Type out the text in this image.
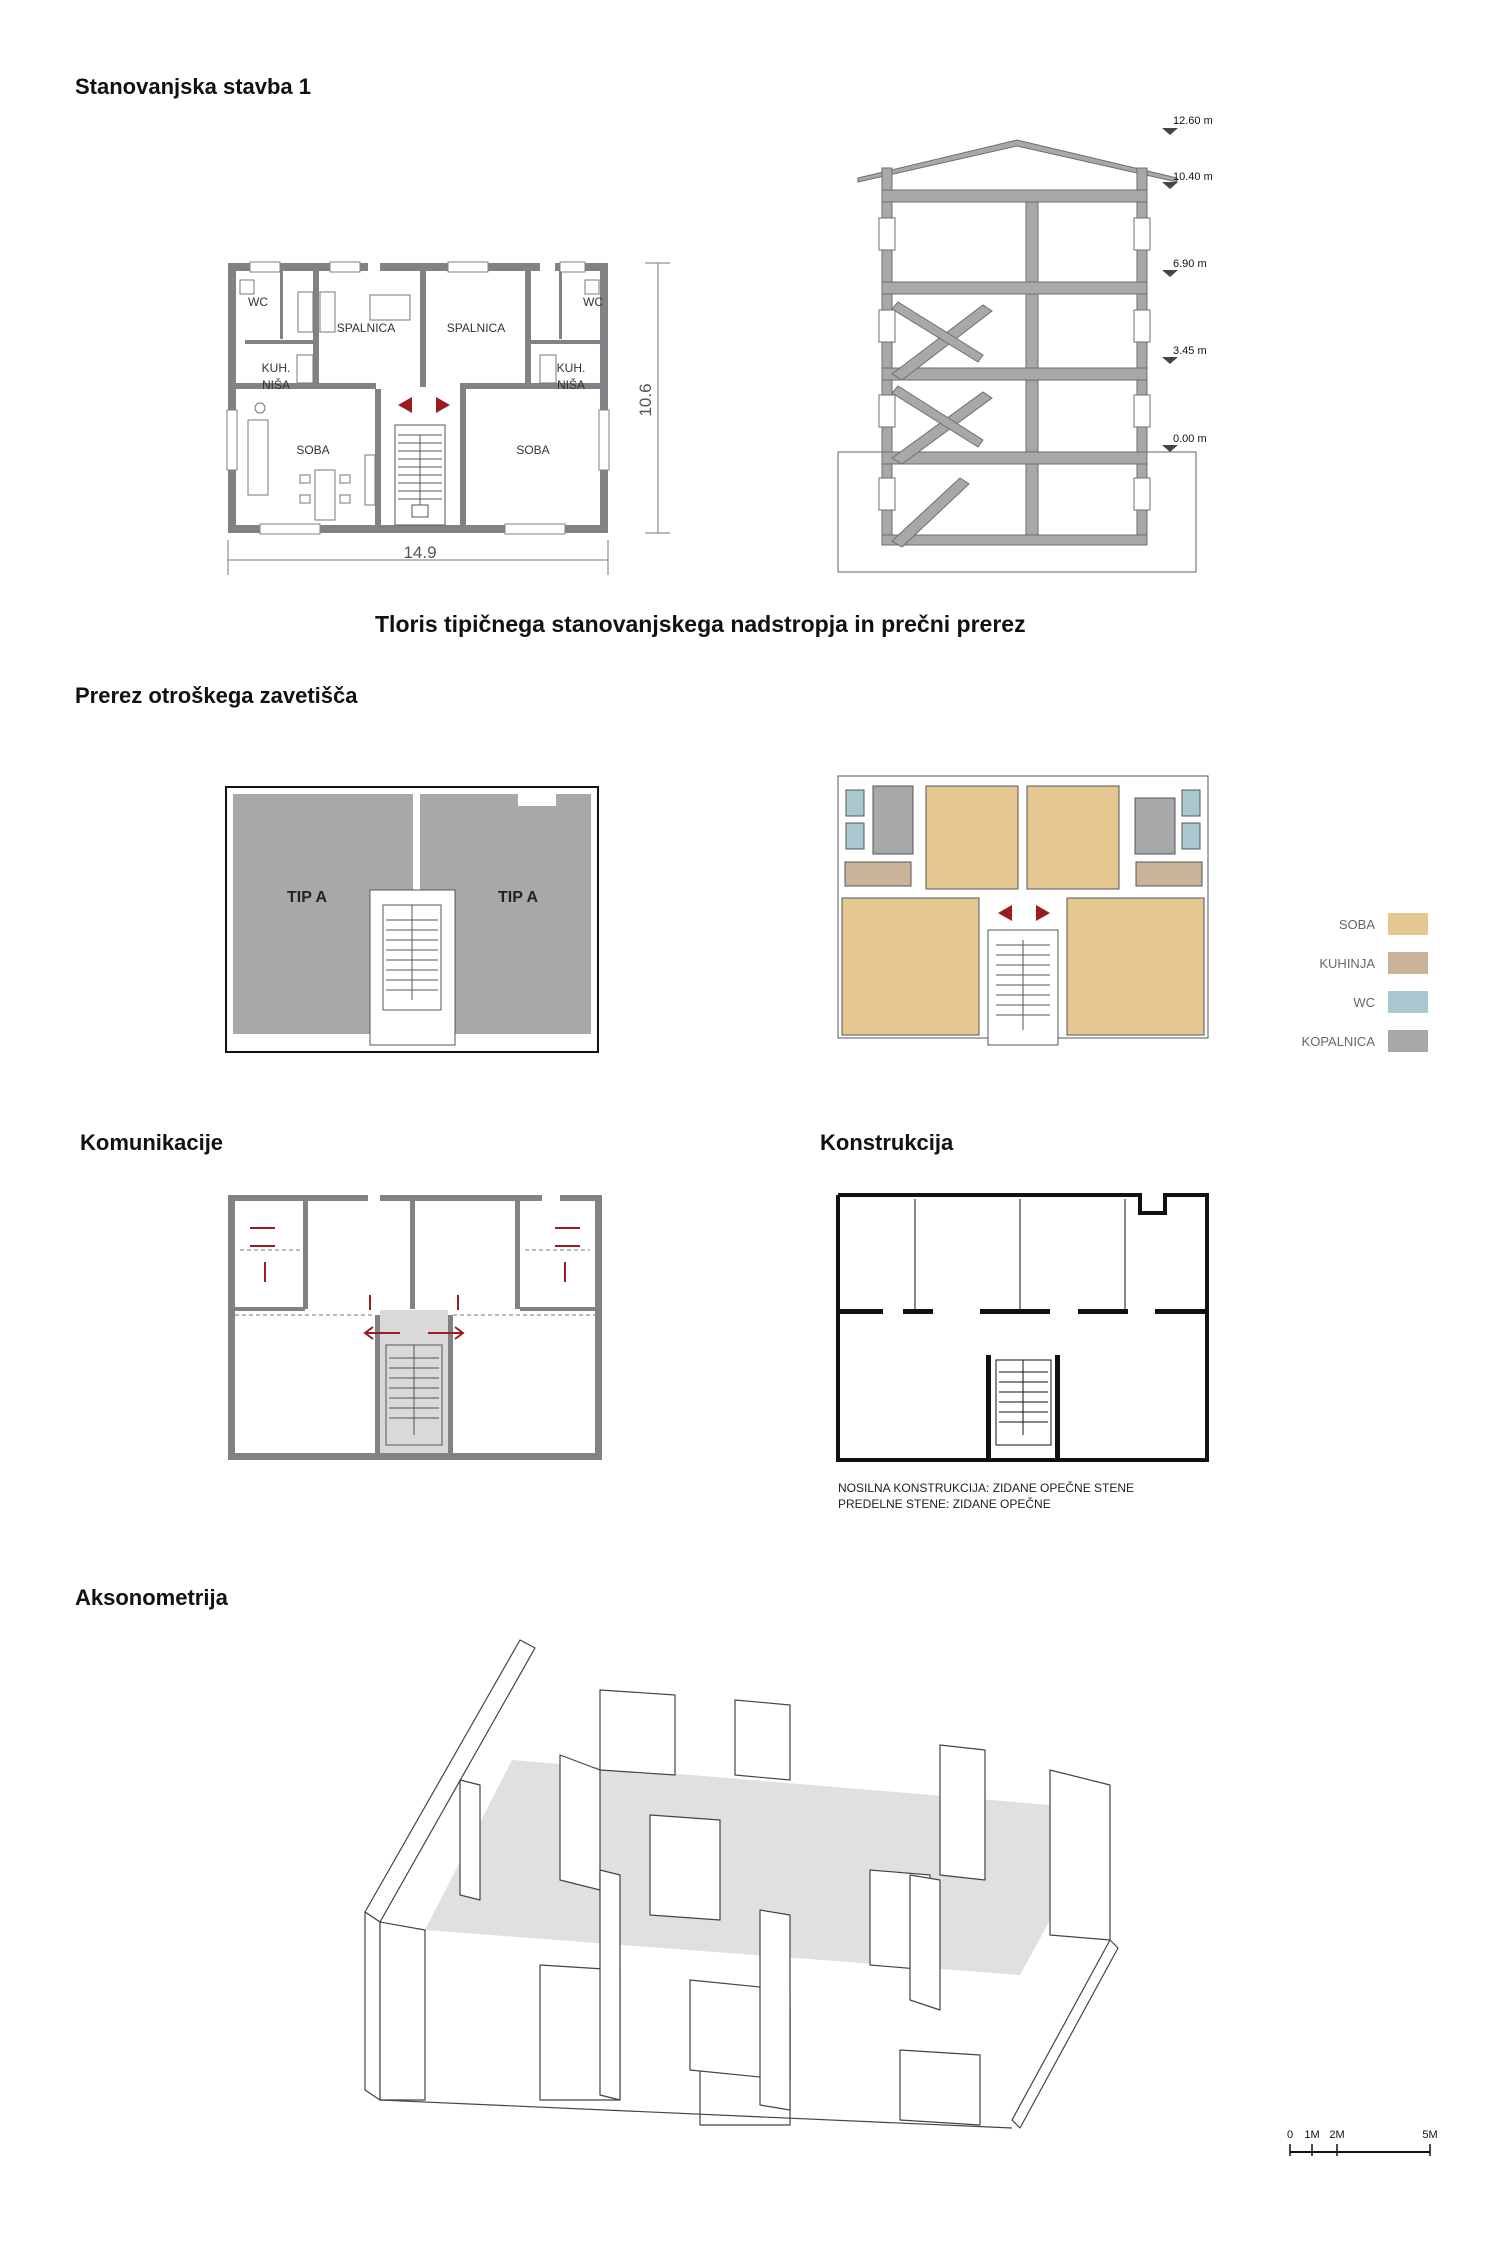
Stanovanjska stavba 1
Tloris tipičnega stanovanjskega nadstropja in prečni prerez
Prerez otroškega zavetišča
Komunikacije	Konstrukcija
Aksonometrija
WC	WC
SPALNICA	SPALNICA
KUH.
NIŠA
KUH.
NIŠA
SOBA	SOBA
14.9
10.6
12.60 m
10.40 m
6.90 m
3.45 m
0.00 m
TIP A	TIP A
SOBA
KUHINJA
WC
KOPALNICA
NOSILNA KONSTRUKCIJA: ZIDANE OPEČNE STENE
PREDELNE STENE: ZIDANE OPEČNE
0 1M 2M	5M
